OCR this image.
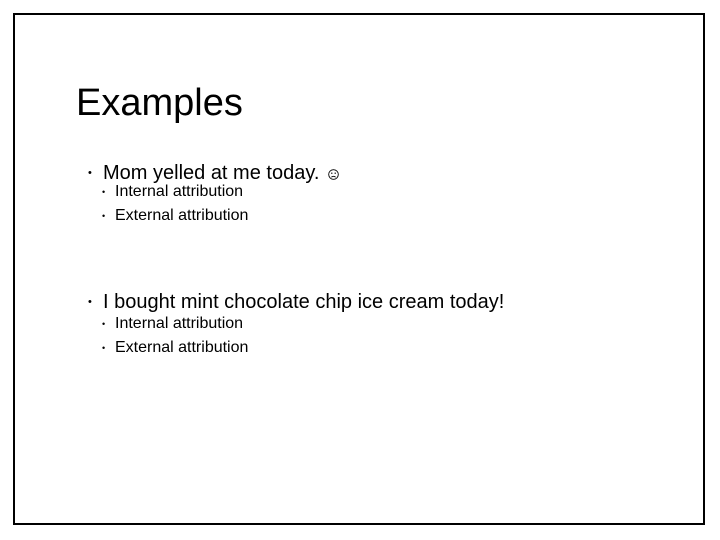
Examples
• Mom yelled at me today.
• Internal attribution
• External attribution
• I bought mint chocolate chip ice cream today!
• Internal attribution
• External attribution
